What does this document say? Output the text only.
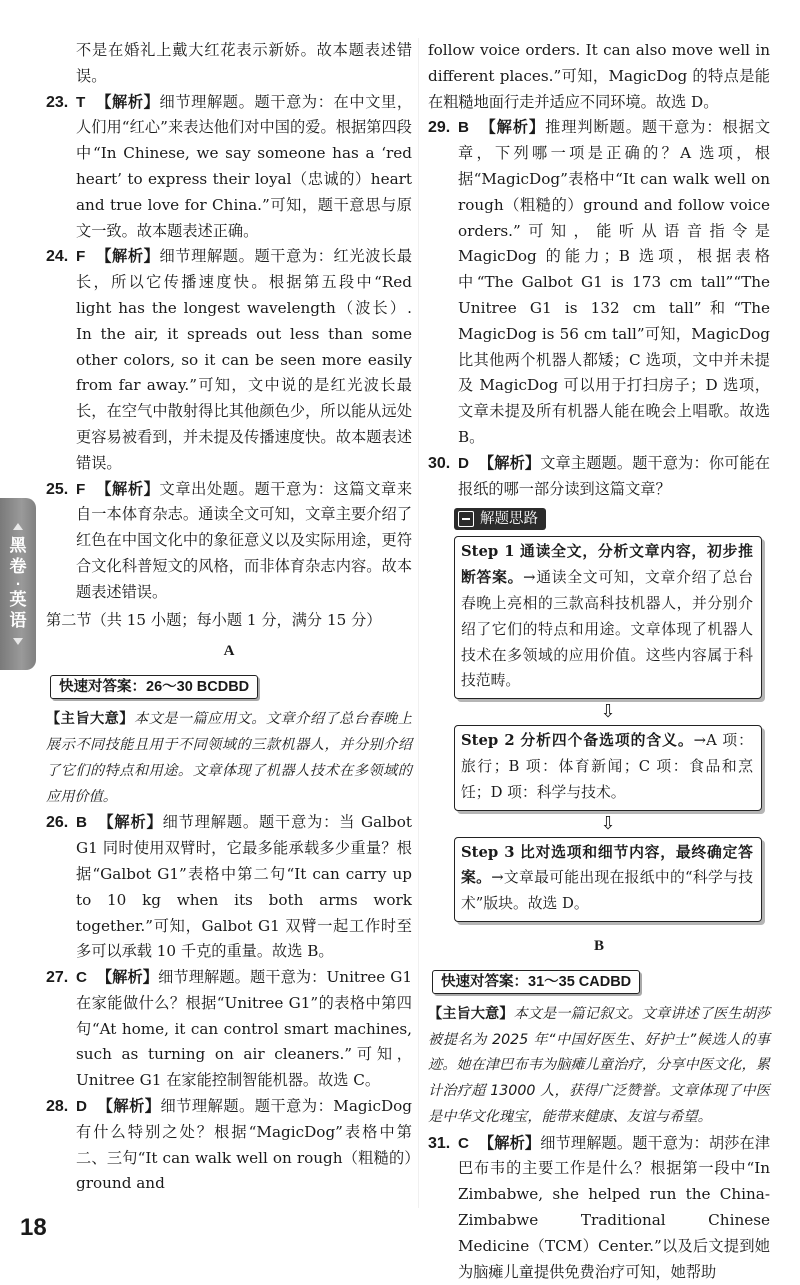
黑
卷
·
英
语
不是在婚礼上戴大红花表示新娇。故本题表述错误。
23. T 【解析】细节理解题。题干意为：在中文里，人们用“红心”来表达他们对中国的爱。根据第四段中“In Chinese, we say someone has a ‘red heart’ to express their loyal（忠诚的）heart and true love for China.”可知，题干意思与原文一致。故本题表述正确。
24. F 【解析】细节理解题。题干意为：红光波长最长，所以它传播速度快。根据第五段中“Red light has the longest wavelength（波长）. In the air, it spreads out less than some other colors, so it can be seen more easily from far away.”可知，文中说的是红光波长最长，在空气中散射得比其他颜色少，所以能从远处更容易被看到，并未提及传播速度快。故本题表述错误。
25. F 【解析】文章出处题。题干意为：这篇文章来自一本体育杂志。通读全文可知，文章主要介绍了红色在中国文化中的象征意义以及实际用途，更符合文化科普短文的风格，而非体育杂志内容。故本题表述错误。
第二节（共 15 小题；每小题 1 分，满分 15 分）
A
快速对答案：26～30 BCDBD
【主旨大意】本文是一篇应用文。文章介绍了总台春晚上展示不同技能且用于不同领域的三款机器人，并分别介绍了它们的特点和用途。文章体现了机器人技术在多领域的应用价值。
26. B 【解析】细节理解题。题干意为：当 Galbot G1 同时使用双臂时，它最多能承载多少重量？根据“Galbot G1”表格中第二句“It can carry up to 10 kg when its both arms work together.”可知，Galbot G1 双臂一起工作时至多可以承载 10 千克的重量。故选 B。
27. C 【解析】细节理解题。题干意为：Unitree G1 在家能做什么？根据“Unitree G1”的表格中第四句“At home, it can control smart machines, such as turning on air cleaners.”可知，Unitree G1 在家能控制智能机器。故选 C。
28. D 【解析】细节理解题。题干意为：MagicDog 有什么特别之处？根据“MagicDog”表格中第二、三句“It can walk well on rough（粗糙的）ground and
follow voice orders. It can also move well in different places.”可知，MagicDog 的特点是能在粗糙地面行走并适应不同环境。故选 D。
29. B 【解析】推理判断题。题干意为：根据文章，下列哪一项是正确的？A 选项，根据“MagicDog”表格中“It can walk well on rough（粗糙的）ground and follow voice orders.”可知，能听从语音指令是 MagicDog 的能力；B 选项，根据表格中“The Galbot G1 is 173 cm tall”“The Unitree G1 is 132 cm tall”和“The MagicDog is 56 cm tall”可知，MagicDog 比其他两个机器人都矮；C 选项，文中并未提及 MagicDog 可以用于打扫房子；D 选项，文章未提及所有机器人能在晚会上唱歌。故选 B。
30. D 【解析】文章主题题。题干意为：你可能在报纸的哪一部分读到这篇文章？
解题思路
Step 1 通读全文，分析文章内容，初步推断答案。→通读全文可知，文章介绍了总台春晚上亮相的三款高科技机器人，并分别介绍了它们的特点和用途。文章体现了机器人技术在多领域的应用价值。这些内容属于科技范畴。
⇩
Step 2 分析四个备选项的含义。→A 项：旅行；B 项：体育新闻；C 项：食品和烹饪；D 项：科学与技术。
⇩
Step 3 比对选项和细节内容，最终确定答案。→文章最可能出现在报纸中的“科学与技术”版块。故选 D。
B
快速对答案：31～35 CADBD
【主旨大意】本文是一篇记叙文。文章讲述了医生胡莎被提名为 2025 年“中国好医生、好护士”候选人的事迹。她在津巴布韦为脑瘫儿童治疗，分享中医文化，累计治疗超 13000 人，获得广泛赞誉。文章体现了中医是中华文化瑰宝，能带来健康、友谊与希望。
31. C 【解析】细节理解题。题干意为：胡莎在津巴布韦的主要工作是什么？根据第一段中“In Zimbabwe, she helped run the China-Zimbabwe Traditional Chinese Medicine（TCM）Center.”以及后文提到她为脑瘫儿童提供免费治疗可知，她帮助
18
